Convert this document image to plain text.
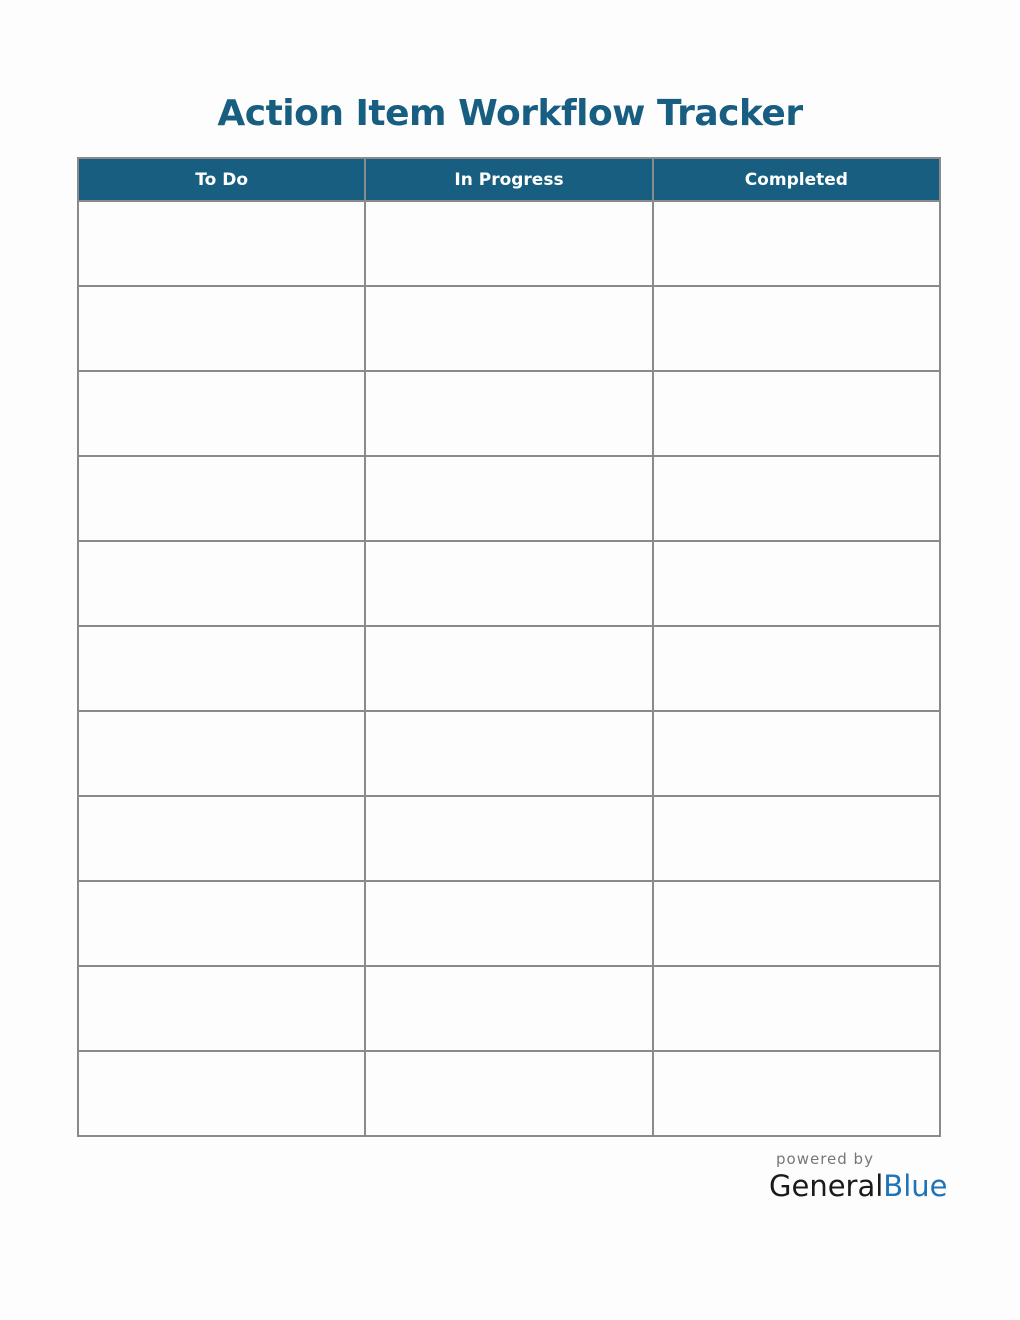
Action Item Workflow Tracker
To Do	In Progress	Completed

powered by
GeneralBlue
